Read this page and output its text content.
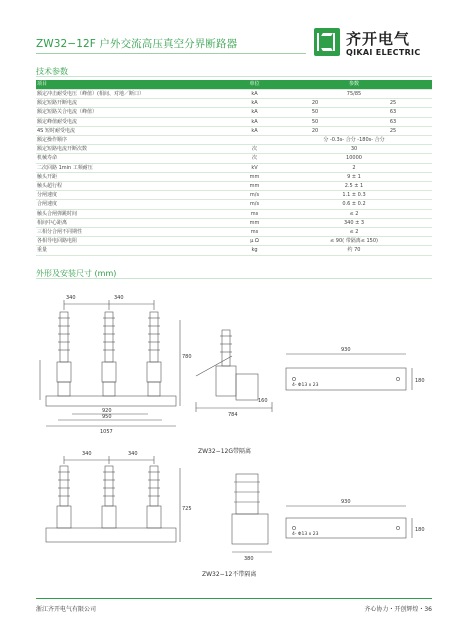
ZW32−12F 户外交流高压真空分界断路器	齐开电气
QIKAI ELECTRIC
技术参数
项目	单位	参数	
额定冲击耐受电压（峰值）(相间、对地／断口）	kA	75/85	
额定短路开断电流	kA	20	25
额定短路关合电流（峰值）	kA	50	63
额定峰值耐受电流	kA	50	63
4S 短时耐受电流	kA	20	25
额定操作顺序		分 -0.3s- 合分 -180s- 合分	
额定短路电流开断次数	次	30	
机械寿命	次	10000	
二次回路 1min 工频耐压	kV	2	
触头开距	mm	9 ± 1	
触头超行程	mm	2.5 ± 1	
分闸速度	m/s	1.1 ± 0.3	
合闸速度	m/s	0.6 ± 0.2	
触头合闸弹跳时间	ms	≤ 2	
相间中心距离	mm	340 ± 3	
三相分合闸不同期性	ms	≤ 2	
各相导电回路电阻	μ Ω	≤ 90( 带隔离≤ 150)	
重量	kg	约 70	
外形及安装尺寸 (mm)
340	340
780
920
950
1057
784
160
930
4- Φ13 x 23
180
ZW32−12G带隔离
340	340
725
380
930
4- Φ13 x 23
180
ZW32−12不带隔离
浙江齐开电气有限公司	齐心协力・开创辉煌・36
